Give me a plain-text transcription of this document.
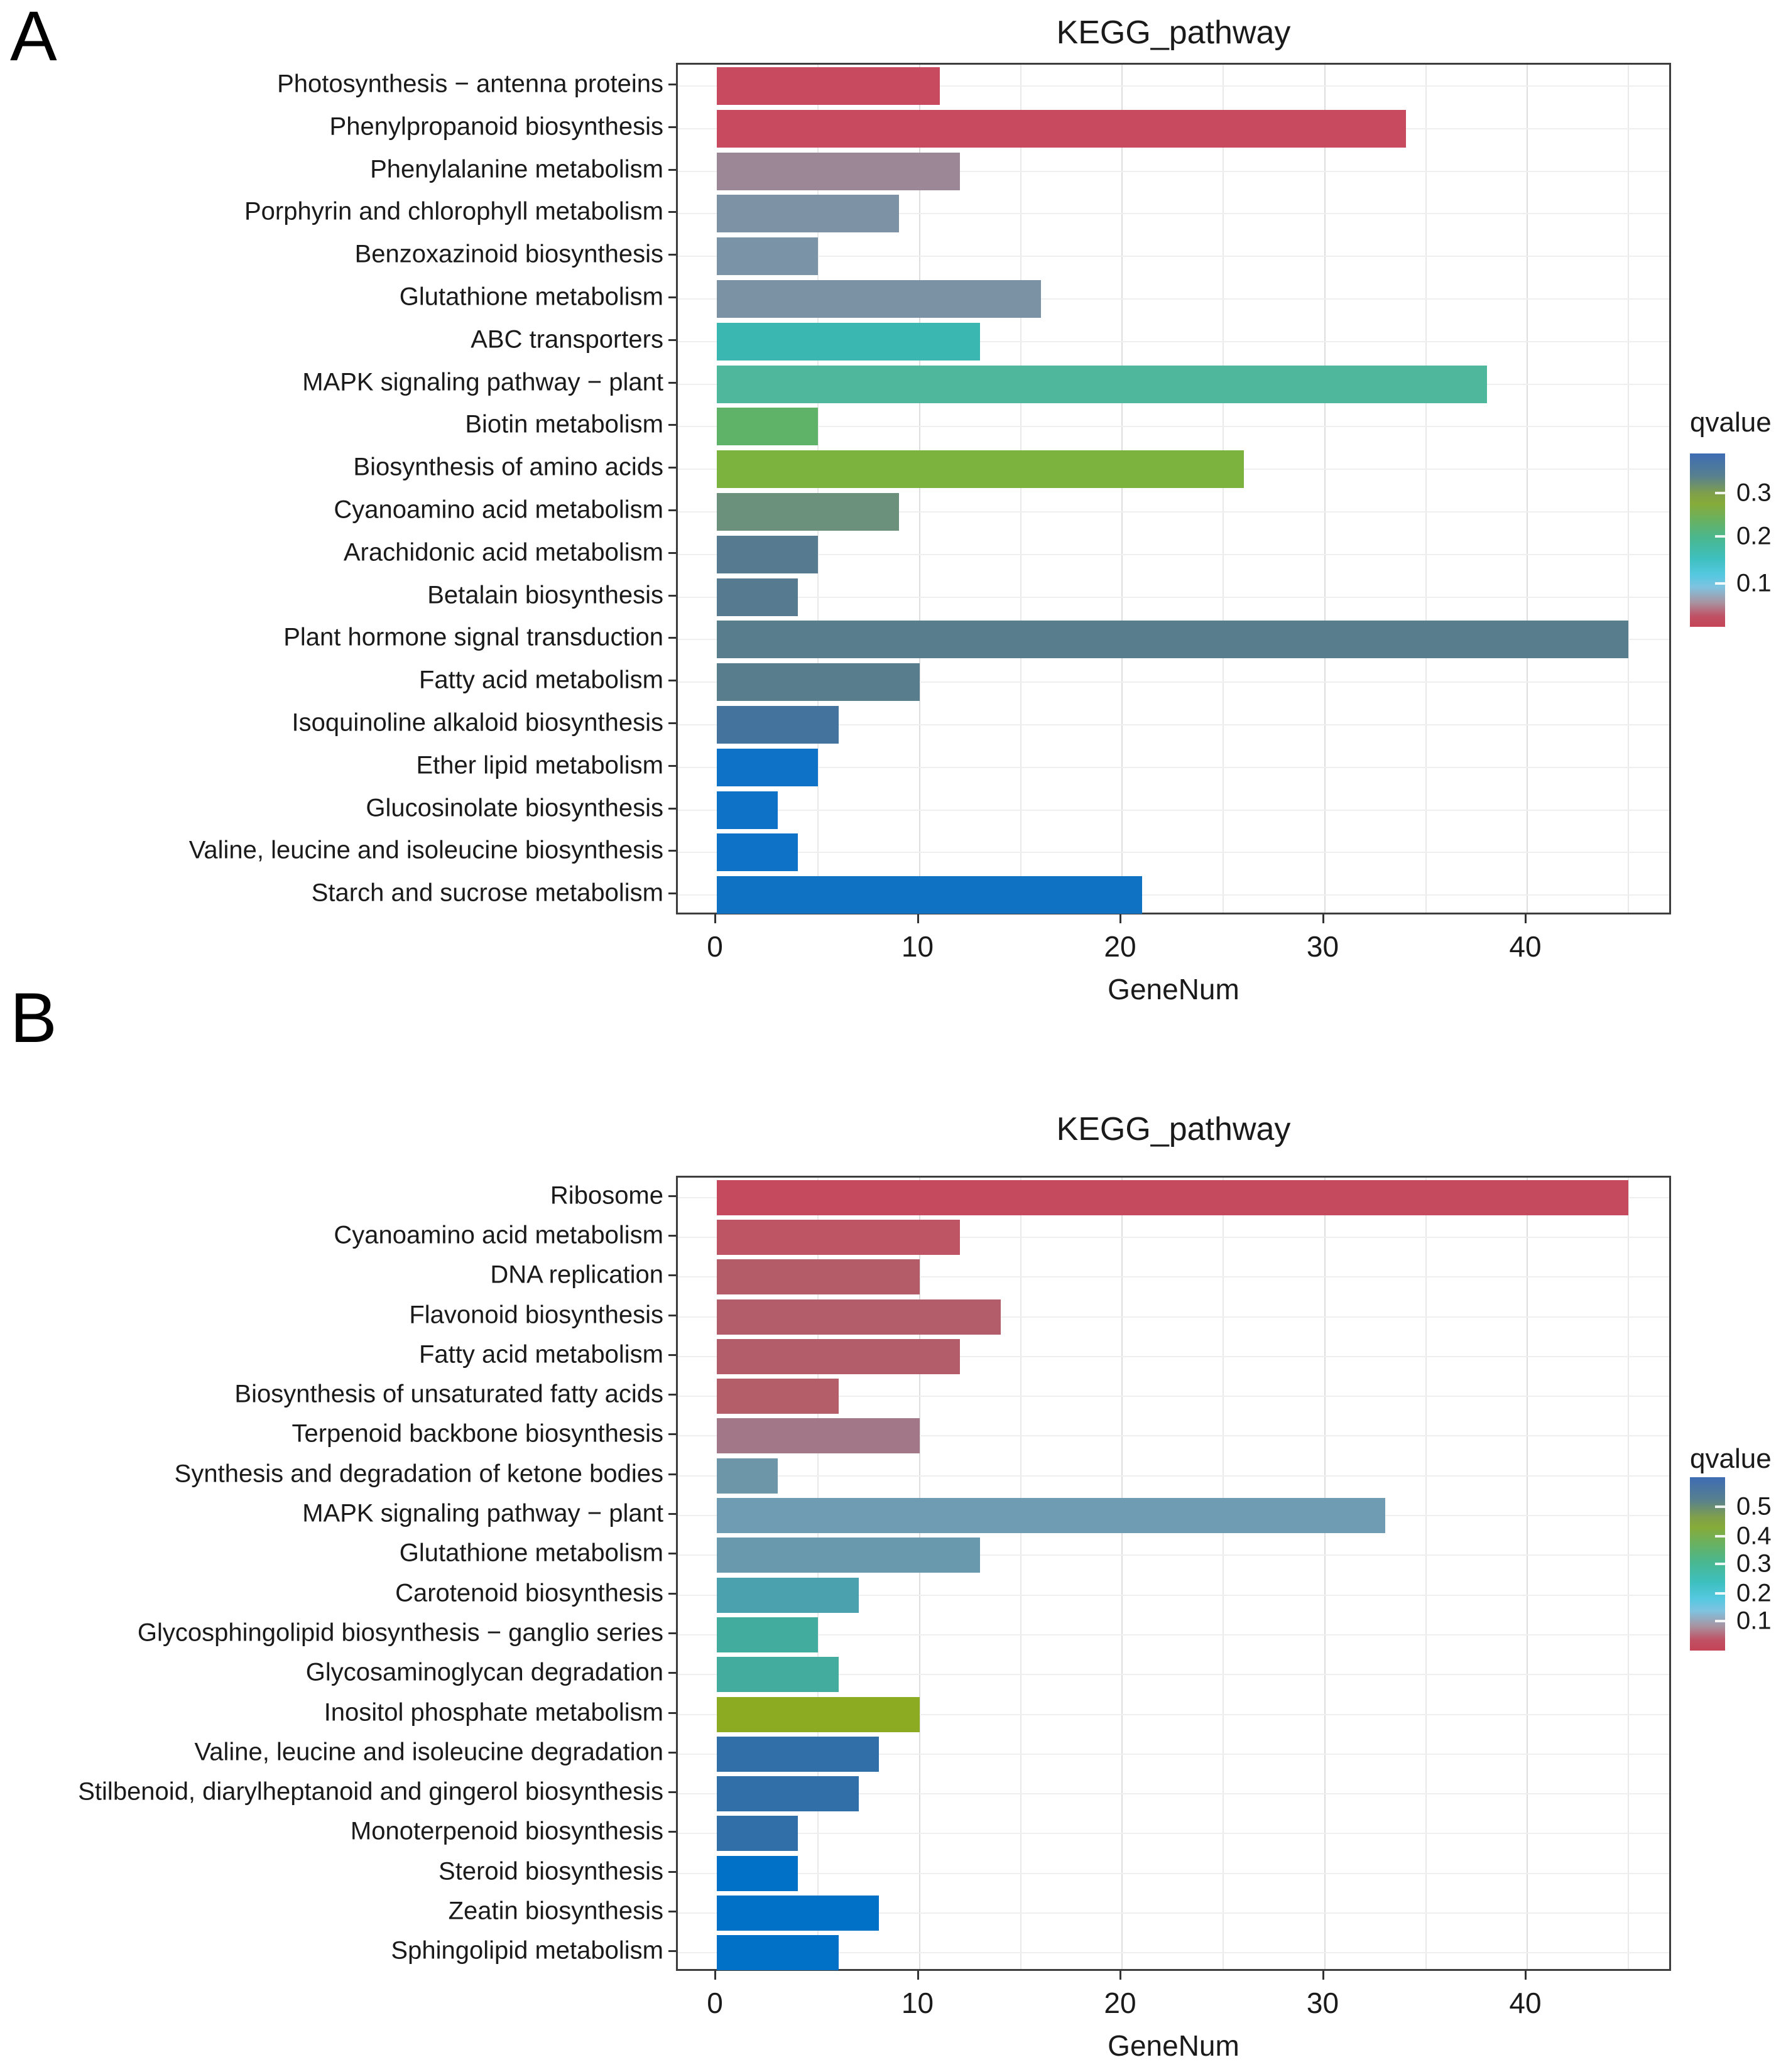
A	KEGG_pathway
Photosynthesis − antenna proteins
Phenylpropanoid biosynthesis
Phenylalanine metabolism
Porphyrin and chlorophyll metabolism
Benzoxazinoid biosynthesis
Glutathione metabolism
ABC transporters
MAPK signaling pathway − plant
Biotin metabolism
Biosynthesis of amino acids
Cyanoamino acid metabolism
Arachidonic acid metabolism
Betalain biosynthesis
Plant hormone signal transduction
Fatty acid metabolism
Isoquinoline alkaloid biosynthesis
Ether lipid metabolism
Glucosinolate biosynthesis
Valine, leucine and isoleucine biosynthesis
Starch and sucrose metabolism
0	10	20	30	40
GeneNum
qvalue
0.3
0.2
0.1
B
KEGG_pathway
Ribosome
Cyanoamino acid metabolism
DNA replication
Flavonoid biosynthesis
Fatty acid metabolism
Biosynthesis of unsaturated fatty acids
Terpenoid backbone biosynthesis
Synthesis and degradation of ketone bodies
MAPK signaling pathway − plant
Glutathione metabolism
Carotenoid biosynthesis
Glycosphingolipid biosynthesis − ganglio series
Glycosaminoglycan degradation
Inositol phosphate metabolism
Valine, leucine and isoleucine degradation
Stilbenoid, diarylheptanoid and gingerol biosynthesis
Monoterpenoid biosynthesis
Steroid biosynthesis
Zeatin biosynthesis
Sphingolipid metabolism
0	10	20	30	40
GeneNum
qvalue
0.5
0.4
0.3
0.2
0.1
